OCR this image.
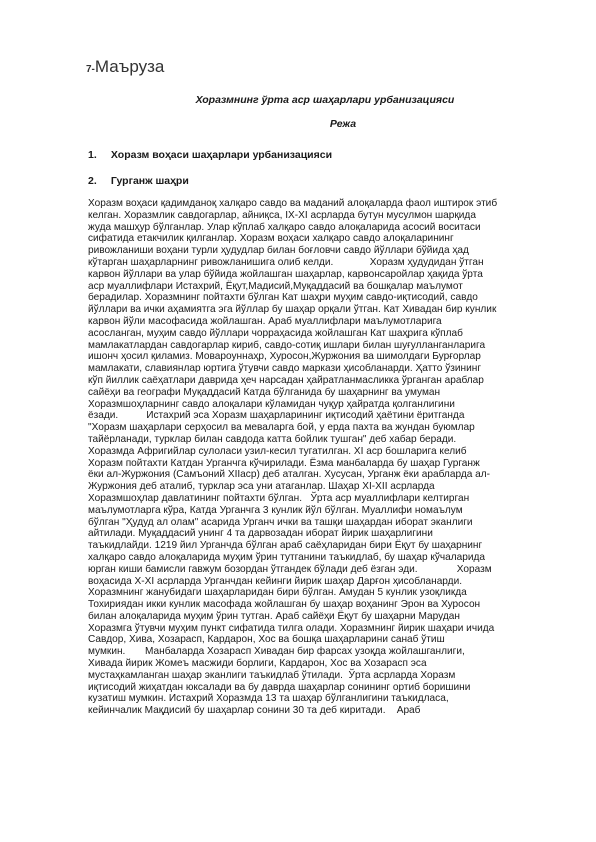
7-Маъруза
Хоразмнинг ўрта аср шаҳарлари урбанизацияси
Режа
1. Хоразм воҳаси шаҳарлари урбанизацияси
2. Гурганж шаҳри
Хоразм воҳаси қадимданоқ халқаро савдо ва маданий алоқаларда фаол иштирок этиб
келган. Хоразмлик савдогарлар, айниқса, IX-XI асрларда бутун мусулмон шарқида
жуда машҳур бўлганлар. Улар кўплаб халқаро савдо алоқаларида асосий воситаси
сифатида етакчилик қилганлар. Хоразм воҳаси халқаро савдо алоқаларининг
ривожланиши воҳани турли ҳудудлар билан боғловчи савдо йўллари бўйида ҳад
кўтарган шаҳарларнинг ривожланишига олиб келди.             Хоразм ҳудудидан ўтган
карвон йўллари ва улар бўйида жойлашган шаҳарлар, карвонсаройлар ҳақида ўрта
аср муаллифлари Истахрий, Ёқут,Мадисий,Муқаддасий ва бошқалар маълумот
берадилар. Хоразмнинг пойтахти бўлган Кат шаҳри муҳим савдо-иқтисодий, савдо
йўллари ва ички аҳамиятга эга йўллар бу шаҳар орқали ўтган. Кат Хивадан бир кунлик
карвон йўли масофасида жойлашган. Араб муаллифлари маълумотларига
асосланган, муҳим савдо йўллари чорраҳасида жойлашган Кат шаҳрига кўплаб
мамлакатлардан савдогарлар кириб, савдо-сотиқ ишлари билан шуғулланганларига
ишонч ҳосил қиламиз. Мовароуннаҳр, Хуросон,Журжония ва шимолдаги Бурғорлар
мамлакати, славиянлар юртига ўтувчи савдо маркази ҳисобланарди. Ҳатто ўзининг
кўп йиллик саёҳатлари даврида ҳеч нарсадан ҳайратланмасликка ўрганган араблар
сайёҳи ва географи Муқаддасий Катда бўлганида бу шаҳарнинг ва умуман
Хоразмшоҳларнинг савдо алоқалари кўламидан чуқур ҳайратда қолганлигини
ёзади.          Истахрий эса Хоразм шаҳарларининг иқтисодий ҳаётини ёритганда
"Хоразм шаҳарлари серҳосил ва меваларга бой, у ерда пахта ва жундан буюмлар
тайёрланади, турклар билан савдода катта бойлик тушган" деб хабар беради.
Хоразмда Афригийлар сулоласи узил-кесил тугатилган. XI аср бошларига келиб
Хоразм пойтахти Катдан Урганчга кўчирилади. Ёзма манбаларда бу шаҳар Гурганж
ёки ал-Журжония (Самъоний XIIаср) деб аталган. Хусусан, Урганж ёки арабларда ал-
Журжония деб аталиб, турклар эса уни атаганлар. Шаҳар XI-XII асрларда
Хоразмшоҳлар давлатининг пойтахти бўлган.   Ўрта аср муаллифлари келтирган
маълумотларга кўра, Катда Урганчга 3 кунлик йўл бўлган. Муаллифи номаълум
бўлган "Ҳудуд ал олам" асарида Урганч ички ва ташқи шаҳардан иборат эканлиги
айтилади. Муқаддасий унинг 4 та дарвозадан иборат йирик шаҳарлигини
таъкидлайди. 1219 йил Урганчда бўлган араб саёҳларидан бири Ёқут бу шаҳарнинг
халқаро савдо алоқаларида муҳим ўрин тутганини таъкидлаб, бу шаҳар кўчаларида
юрган киши бамисли гавжум бозордан ўтгандек бўлади деб ёзган эди.              Хоразм
воҳасида X-XI асрларда Урганчдан кейинги йирик шаҳар Дарғон ҳисобланарди.
Хоразмнинг жанубидаги шаҳарларидан бири бўлган. Амудан 5 кунлик узоқликда
Тохириядан икки кунлик масофада жойлашган бу шаҳар воҳанинг Эрон ва Хуросон
билан алоқаларида муҳим ўрин тутган. Араб сайёҳи Ёқут бу шаҳарни Марудан
Хоразмга ўтувчи муҳим пункт сифатида тилга олади. Хоразмнинг йирик шаҳари ичида
Савдор, Хива, Хозарасп, Кардарон, Хос ва бошқа шаҳарларини санаб ўтиш
мумкин.       Манбаларда Хозарасп Хивадан бир фарсах узоқда жойлашганлиги,
Хивада йирик Жомеъ масжиди борлиги, Кардарон, Хос ва Хозарасп эса
мустаҳкамланган шаҳар эканлиги таъкидлаб ўтилади.  Ўрта асрларда Хоразм
иқтисодий жиҳатдан юксалади ва бу даврда шаҳарлар сонининг ортиб боришини
кузатиш мумкин. Истахрий Хоразмда 13 та шаҳар бўлганлигини таъкидласа,
кейинчалик Мақдисий бу шаҳарлар сонини 30 та деб киритади.    Араб
